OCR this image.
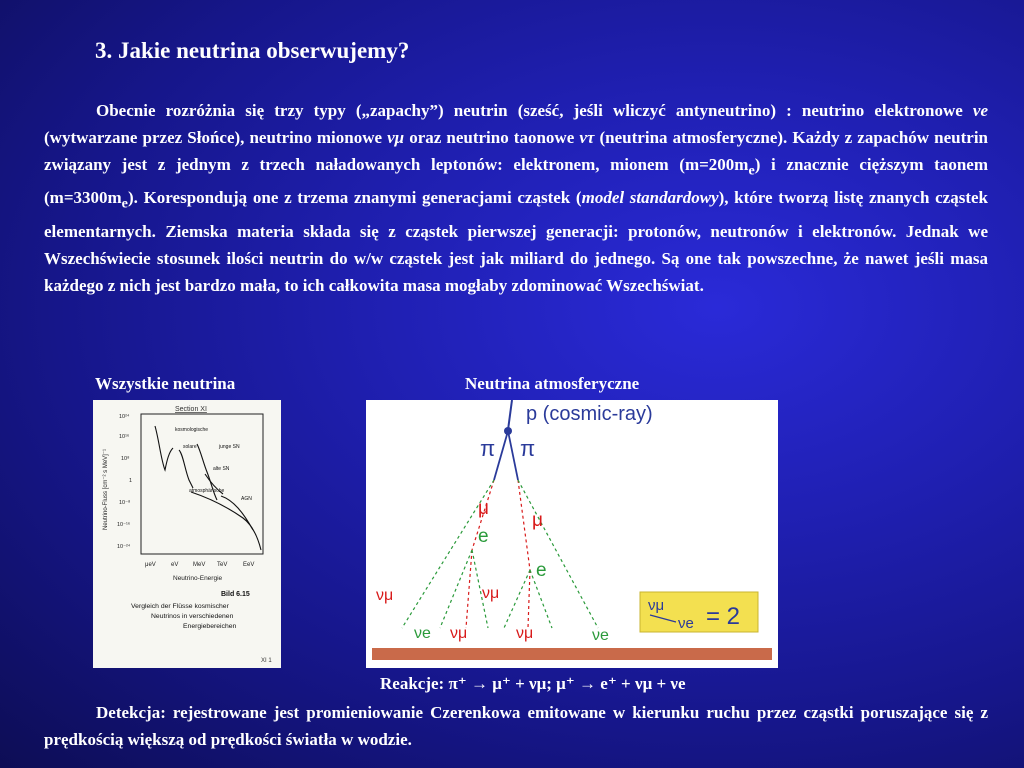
3. Jakie neutrina obserwujemy?

Obecnie rozróżnia się trzy typy („zapachy”) neutrin (sześć, jeśli wliczyć antyneutrino) : neutrino elektronowe νe (wytwarzane przez Słońce), neutrino mionowe νμ oraz neutrino taonowe ντ (neutrina atmosferyczne). Każdy z zapachów neutrin związany jest z jednym z trzech naładowanych leptonów: elektronem, mionem $(m=200m_e)$ i znacznie cięższym taonem $(m=3300m_e)$. Korespondują one z trzema znanymi generacjami cząstek (model standardowy), które tworzą listę znanych cząstek elementarnych. Ziemska materia składa się z cząstek pierwszej generacji: protonów, neutronów i elektronów. Jednak we Wszechświecie stosunek ilości neutrin do w/w cząstek jest jak miliard do jednego. Są one tak powszechne, że nawet jeśli masa każdego z nich jest bardzo mała, to ich całkowita masa mogłaby zdominować Wszechświat.

Wszystkie neutrina	Neutrina atmosferyczne
Section XI
Neutrino-Fluss [cm⁻² s MeV]⁻¹
10²⁴
10¹⁶
10⁸
1
10⁻⁸
10⁻¹⁶
10⁻²⁴
kosmologische
solare	junge SN
alte SN
atmosphärische
AGN
μeV	eV MeV TeV	EeV
Neutrino-Energie
Bild 6.15
Vergleich der Flüsse kosmischer
Neutrinos in verschiedenen
Energiebereichen
XI 1
p (cosmic-ray)
π π
μ
μ
e
e
νμ	νμ
νe νμ	νμ	νe
νμ
νe = 2
Reakcje: π⁺ → μ⁺ + νμ; μ⁺ → e⁺ + νμ + νe

Detekcja: rejestrowane jest promieniowanie Czerenkowa emitowane w kierunku ruchu przez cząstki poruszające się z prędkością większą od prędkości światła w wodzie.
